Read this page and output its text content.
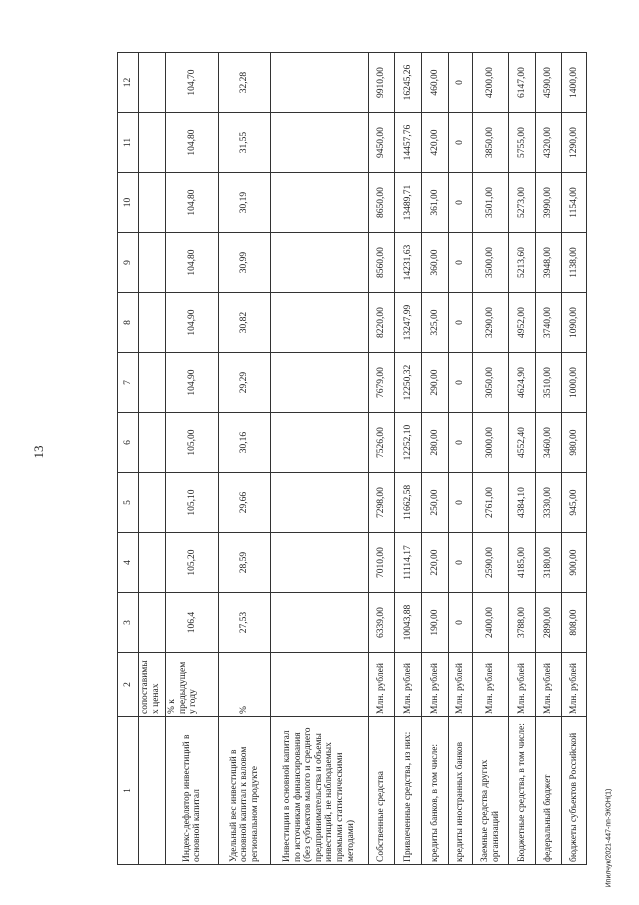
13
1	2	3	4	5	6	7	8	9	10	11	12
	сопоставимы х ценах										
Индекс-дефлятор инвестиций в основной капитал	% к предыдущем у году	106,4	105,20	105,10	105,00	104,90	104,90	104,80	104,80	104,80	104,70
Удельный вес инвестиций в основной капитал к валовом региональном продукте	%	27,53	28,59	29,66	30,16	29,29	30,82	30,99	30,19	31,55	32,28
Инвестиции в основной капитал по источникам финансирования (без субъектов малого и среднего предпринимательства и объемы инвестиций, не наблюдаемых прямыми статистическими методами)											
Собственные средства	Млн. рублей	6339,00	7010,00	7298,00	7526,00	7679,00	8220,00	8560,00	8650,00	9450,00	9910,00
Привлеченные средства, из них:	Млн. рублей	10043,88	11114,17	11662,58	12252,10	12250,32	13247,99	14231,63	13489,71	14457,76	16245,26
кредиты банков, в том числе:	Млн. рублей	190,00	220,00	250,00	280,00	290,00	325,00	360,00	361,00	420,00	460,00
кредиты иностранных банков	Млн. рублей	0	0	0	0	0	0	0	0	0	0
Заемные средства других организаций	Млн. рублей	2400,00	2590,00	2761,00	3000,00	3050,00	3290,00	3500,00	3501,00	3850,00	4200,00
Бюджетные средства, в том числе:	Млн. рублей	3788,00	4185,00	4384,10	4552,40	4624,90	4952,00	5213,60	5273,00	5755,00	6147,00
федеральный бюджет	Млн. рублей	2890,00	3180,00	3330,00	3460,00	3510,00	3740,00	3948,00	3990,00	4320,00	4590,00
бюджеты субъектов Российской	Млн. рублей	808,00	900,00	945,00	980,00	1000,00	1090,00	1138,00	1154,00	1290,00	1400,00
Ипилчук/2021-447-пп-ЭКОН(1)
